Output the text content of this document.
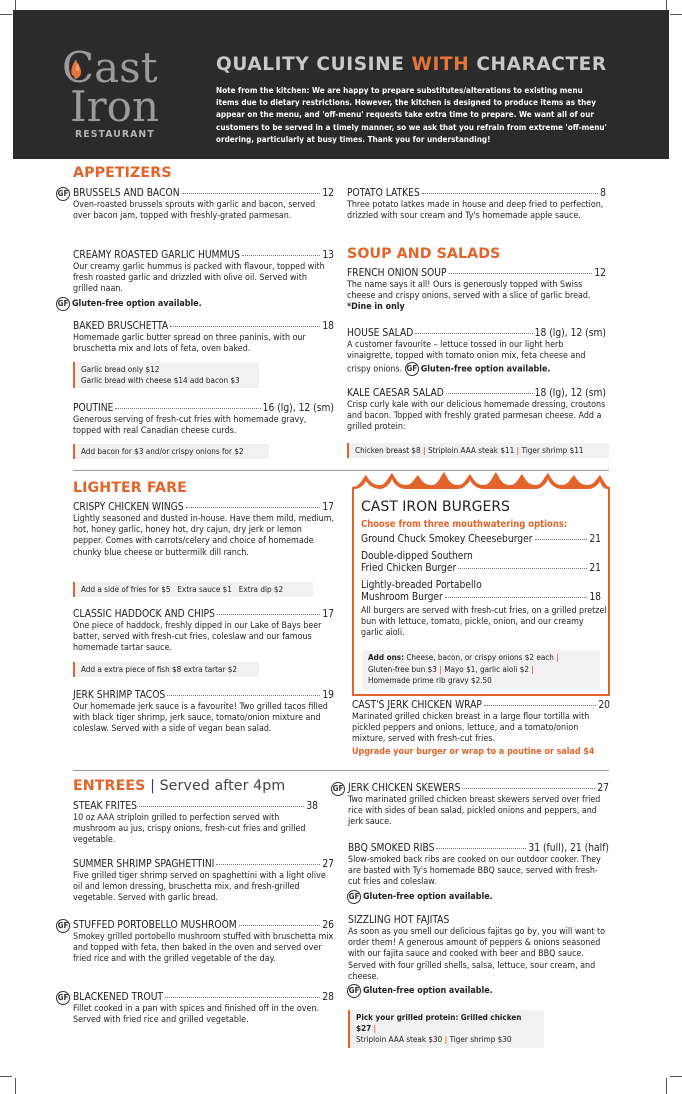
Cast
Iron
RESTAURANT
QUALITY CUISINE WITH CHARACTER
Note from the kitchen: We are happy to prepare substitutes/alterations to existing menu items due to dietary restrictions. However, the kitchen is designed to produce items as they appear on the menu, and 'off-menu' requests take extra time to prepare. We want all of our customers to be served in a timely manner, so we ask that you refrain from extreme 'off-menu' ordering, particularly at busy times. Thank you for understanding!
APPETIZERS
GF BRUSSELS AND BACON	12
Oven-roasted brussels sprouts with garlic and bacon, served over bacon jam, topped with freshly-grated parmesan.
CREAMY ROASTED GARLIC HUMMUS	13
Our creamy garlic hummus is packed with flavour, topped with fresh roasted garlic and drizzled with olive oil. Served with grilled naan.
GF Gluten-free option available.
BAKED BRUSCHETTA	18
Homemade garlic butter spread on three paninis, with our bruschetta mix and lots of feta, oven baked.
Garlic bread only $12
Garlic bread with cheese $14 add bacon $3
POUTINE	16 (lg), 12 (sm)
Generous serving of fresh-cut fries with homemade gravy, topped with real Canadian cheese curds.
Add bacon for $3 and/or crispy onions for $2
POTATO LATKES	8
Three potato latkes made in house and deep fried to perfection, drizzled with sour cream and Ty's homemade apple sauce.
SOUP AND SALADS
FRENCH ONION SOUP	12
The name says it all! Ours is generously topped with Swiss cheese and crispy onions, served with a slice of garlic bread. *Dine in only
HOUSE SALAD	18 (lg), 12 (sm)
A customer favourite – lettuce tossed in our light herb vinaigrette, topped with tomato onion mix, feta cheese and crispy onions. GF Gluten-free option available.
KALE CAESAR SALAD	18 (lg), 12 (sm)
Crisp curly kale with our delicious homemade dressing, croutons and bacon. Topped with freshly grated parmesan cheese. Add a grilled protein:
Chicken breast $8 | Striploin AAA steak $11 | Tiger shrimp $11
LIGHTER FARE
CRISPY CHICKEN WINGS	17
Lightly seasoned and dusted in-house. Have them mild, medium, hot, honey garlic, honey hot, dry cajun, dry jerk or lemon pepper. Comes with carrots/celery and choice of homemade chunky blue cheese or buttermilk dill ranch.
Add a side of fries for $5   Extra sauce $1   Extra dip $2
CLASSIC HADDOCK AND CHIPS	17
One piece of haddock, freshly dipped in our Lake of Bays beer batter, served with fresh-cut fries, coleslaw and our famous homemade tartar sauce.
Add a extra piece of fish $8 extra tartar $2
JERK SHRIMP TACOS	19
Our homemade jerk sauce is a favourite! Two grilled tacos filled with black tiger shrimp, jerk sauce, tomato/onion mixture and coleslaw. Served with a side of vegan bean salad.
CAST IRON BURGERS
Choose from three mouthwatering options:
Ground Chuck Smokey Cheeseburger	21
Double-dipped Southern
Fried Chicken Burger	21
Lightly-breaded Portabello
Mushroom Burger	18
All burgers are served with fresh-cut fries, on a grilled pretzel bun with lettuce, tomato, pickle, onion, and our creamy garlic aioli.
Add ons: Cheese, bacon, or crispy onions $2 each |
Gluten-free bun $3 | Mayo $1, garlic aioli $2 |
Homemade prime rib gravy $2.50
CAST'S JERK CHICKEN WRAP	20
Marinated grilled chicken breast in a large flour tortilla with pickled peppers and onions, lettuce, and a tomato/onion mixture, served with fresh-cut fries.
Upgrade your burger or wrap to a poutine or salad $4
ENTREES | Served after 4pm
STEAK FRITES	38
10 oz AAA striploin grilled to perfection served with mushroom au jus, crispy onions, fresh-cut fries and grilled vegetable.
SUMMER SHRIMP SPAGHETTINI	27
Five grilled tiger shrimp served on spaghettini with a light olive oil and lemon dressing, bruschetta mix, and fresh-grilled vegetable. Served with garlic bread.
GF STUFFED PORTOBELLO MUSHROOM	26
Smokey grilled portobello mushroom stuffed with bruschetta mix and topped with feta, then baked in the oven and served over fried rice and with the grilled vegetable of the day.
GF BLACKENED TROUT	28
Fillet cooked in a pan with spices and finished off in the oven. Served with fried rice and grilled vegetable.
GF JERK CHICKEN SKEWERS	27
Two marinated grilled chicken breast skewers served over fried rice with sides of bean salad, pickled onions and peppers, and jerk sauce.
BBQ SMOKED RIBS	31 (full), 21 (half)
Slow-smoked back ribs are cooked on our outdoor cooker. They are basted with Ty's homemade BBQ sauce, served with fresh-cut fries and coleslaw.
GF Gluten-free option available.
SIZZLING HOT FAJITAS
As soon as you smell our delicious fajitas go by, you will want to order them! A generous amount of peppers & onions seasoned with our fajita sauce and cooked with beer and BBQ sauce. Served with four grilled shells, salsa, lettuce, sour cream, and cheese.
GF Gluten-free option available.
Pick your grilled protein: Grilled chicken $27 |
Striploin AAA steak $30 | Tiger shrimp $30
